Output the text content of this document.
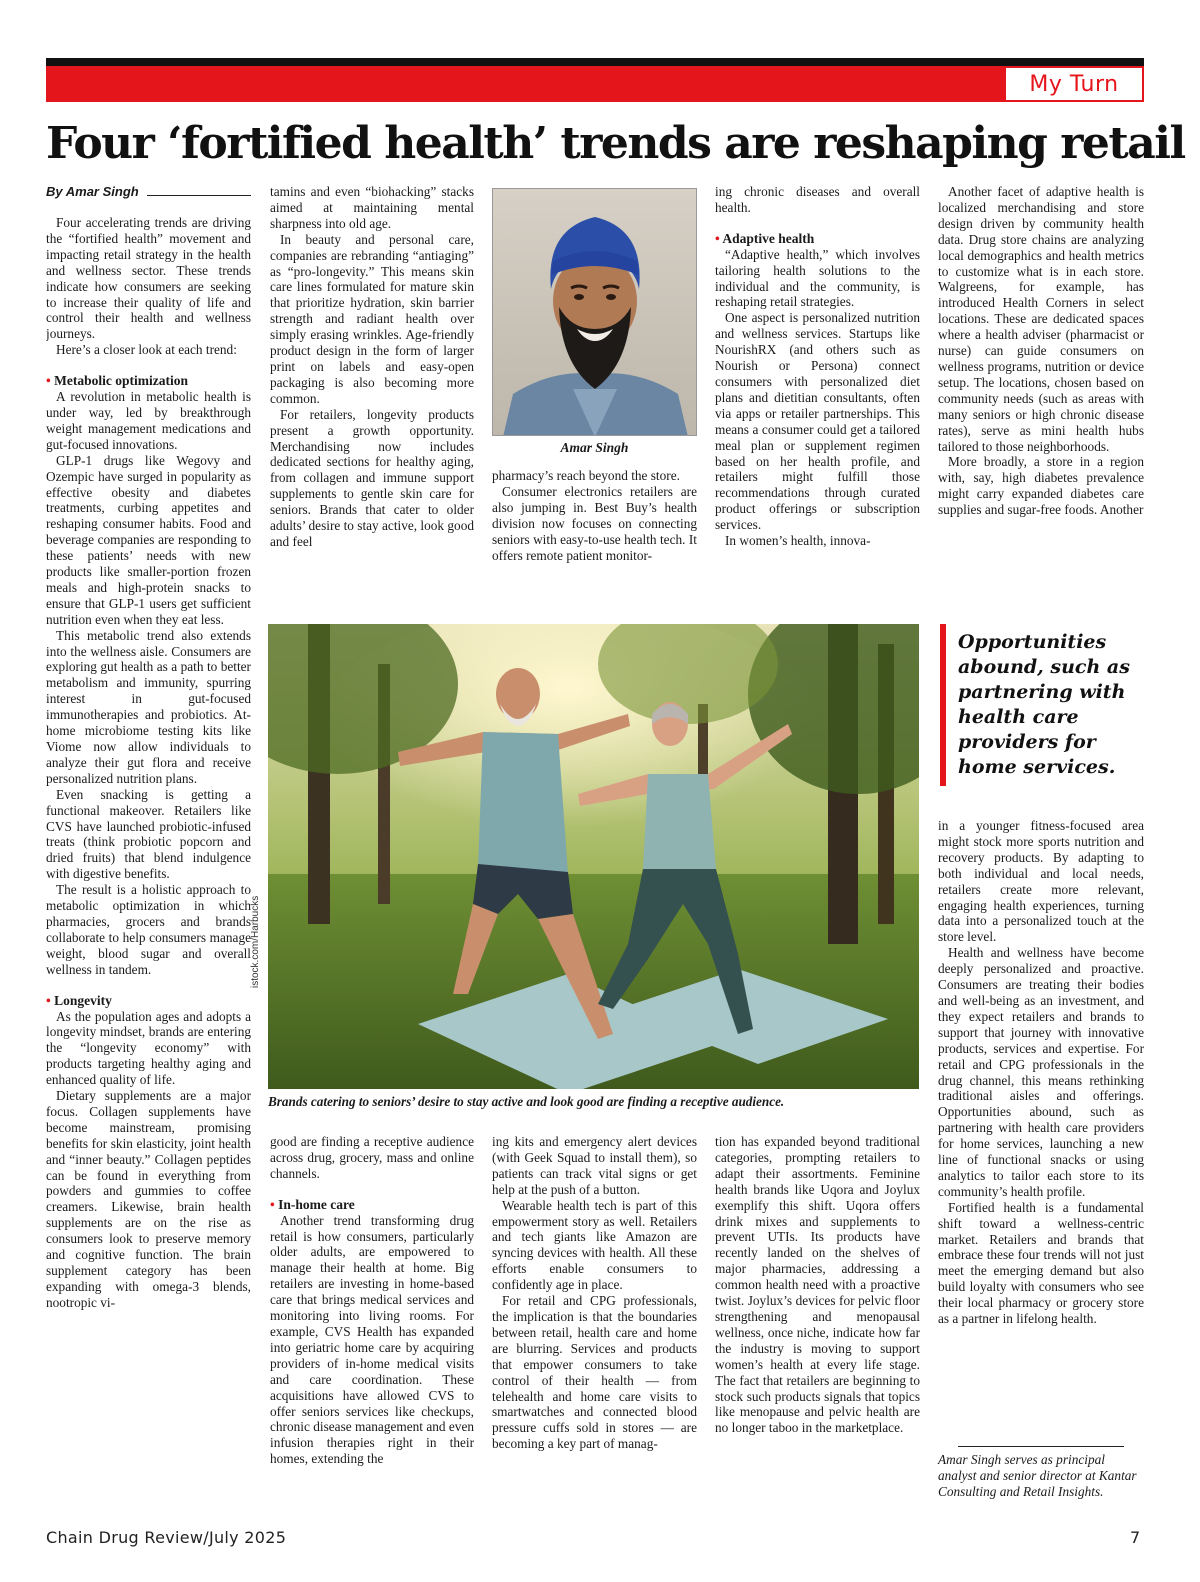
My Turn
Four ‘fortified health’ trends are reshaping retail
By Amar Singh

Four accelerating trends are driving the “fortified health” movement and impacting retail strategy in the health and wellness sector. These trends indicate how consumers are seeking to increase their quality of life and control their health and wellness journeys.

Here’s a closer look at each trend:

• Metabolic optimization

A revolution in metabolic health is under way, led by breakthrough weight management medications and gut-focused innovations.

GLP-1 drugs like Wegovy and Ozempic have surged in popularity as effective obesity and diabetes treatments, curbing appetites and reshaping consumer habits. Food and beverage companies are responding to these patients’ needs with new products like smaller-portion frozen meals and high-protein snacks to ensure that GLP-1 users get sufficient nutrition even when they eat less.

This metabolic trend also extends into the wellness aisle. Consumers are exploring gut health as a path to better metabolism and immunity, spurring interest in gut-focused immunotherapies and probiotics. At-home microbiome testing kits like Viome now allow individuals to analyze their gut flora and receive personalized nutrition plans.

Even snacking is getting a functional makeover. Retailers like CVS have launched probiotic-infused treats (think probiotic popcorn and dried fruits) that blend indulgence with digestive benefits.

The result is a holistic approach to metabolic optimization in which pharmacies, grocers and brands collaborate to help consumers manage weight, blood sugar and overall wellness in tandem.

• Longevity

As the population ages and adopts a longevity mindset, brands are entering the “longevity economy” with products targeting healthy aging and enhanced quality of life.

Dietary supplements are a major focus. Collagen supplements have become mainstream, promising benefits for skin elasticity, joint health and “inner beauty.” Collagen peptides can be found in everything from powders and gummies to coffee creamers. Likewise, brain health supplements are on the rise as consumers look to preserve memory and cognitive function. The brain supplement category has been expanding with omega-3 blends, nootropic vi-

tamins and even “biohacking” stacks aimed at maintaining mental sharpness into old age.

In beauty and personal care, companies are rebranding “antiaging” as “pro-longevity.” This means skin care lines formulated for mature skin that prioritize hydration, skin barrier strength and radiant health over simply erasing wrinkles. Age-friendly product design in the form of larger print on labels and easy-open packaging is also becoming more common.

For retailers, longevity products present a growth opportunity. Merchandising now includes dedicated sections for healthy aging, from collagen and immune support supplements to gentle skin care for seniors. Brands that cater to older adults’ desire to stay active, look good and feel

Amar Singh

pharmacy’s reach beyond the store.

Consumer electronics retailers are also jumping in. Best Buy’s health division now focuses on connecting seniors with easy-to-use health tech. It offers remote patient monitor-

ing chronic diseases and overall health.

• Adaptive health

“Adaptive health,” which involves tailoring health solutions to the individual and the community, is reshaping retail strategies.

One aspect is personalized nutrition and wellness services. Startups like NourishRX (and others such as Nourish or Persona) connect consumers with personalized diet plans and dietitian consultants, often via apps or retailer partnerships. This means a consumer could get a tailored meal plan or supplement regimen based on her health profile, and retailers might fulfill those recommendations through curated product offerings or subscription services.

In women’s health, innova-

Another facet of adaptive health is localized merchandising and store design driven by community health data. Drug store chains are analyzing local demographics and health metrics to customize what is in each store. Walgreens, for example, has introduced Health Corners in select locations. These are dedicated spaces where a health adviser (pharmacist or nurse) can guide consumers on wellness programs, nutrition or device setup. The locations, chosen based on community needs (such as areas with many seniors or high chronic disease rates), serve as mini health hubs tailored to those neighborhoods.

More broadly, a store in a region with, say, high diabetes prevalence might carry expanded diabetes care supplies and sugar-free foods. Another

istock.com/Harbucks
Brands catering to seniors’ desire to stay active and look good are finding a receptive audience.
Opportunities abound, such as partnering with health care providers for home services.

good are finding a receptive audience across drug, grocery, mass and online channels.

• In-home care

Another trend transforming drug retail is how consumers, particularly older adults, are empowered to manage their health at home. Big retailers are investing in home-based care that brings medical services and monitoring into living rooms. For example, CVS Health has expanded into geriatric home care by acquiring providers of in-home medical visits and care coordination. These acquisitions have allowed CVS to offer seniors services like checkups, chronic disease management and even infusion therapies right in their homes, extending the

ing kits and emergency alert devices (with Geek Squad to install them), so patients can track vital signs or get help at the push of a button.

Wearable health tech is part of this empowerment story as well. Retailers and tech giants like Amazon are syncing devices with health. All these efforts enable consumers to confidently age in place.

For retail and CPG professionals, the implication is that the boundaries between retail, health care and home are blurring. Services and products that empower consumers to take control of their health — from telehealth and home care visits to smartwatches and connected blood pressure cuffs sold in stores — are becoming a key part of manag-

tion has expanded beyond traditional categories, prompting retailers to adapt their assortments. Feminine health brands like Uqora and Joylux exemplify this shift. Uqora offers drink mixes and supplements to prevent UTIs. Its products have recently landed on the shelves of major pharmacies, addressing a common health need with a proactive twist. Joylux’s devices for pelvic floor strengthening and menopausal wellness, once niche, indicate how far the industry is moving to support women’s health at every life stage. The fact that retailers are beginning to stock such products signals that topics like menopause and pelvic health are no longer taboo in the marketplace.

in a younger fitness-focused area might stock more sports nutrition and recovery products. By adapting to both individual and local needs, retailers create more relevant, engaging health experiences, turning data into a personalized touch at the store level.

Health and wellness have become deeply personalized and proactive. Consumers are treating their bodies and well-being as an investment, and they expect retailers and brands to support that journey with innovative products, services and expertise. For retail and CPG professionals in the drug channel, this means rethinking traditional aisles and offerings. Opportunities abound, such as partnering with health care providers for home services, launching a new line of functional snacks or using analytics to tailor each store to its community’s health profile.

Fortified health is a fundamental shift toward a wellness-centric market. Retailers and brands that embrace these four trends will not just meet the emerging demand but also build loyalty with consumers who see their local pharmacy or grocery store as a partner in lifelong health.

Amar Singh serves as principal analyst and senior director at Kantar Consulting and Retail Insights.
Chain Drug Review/July 2025	7
